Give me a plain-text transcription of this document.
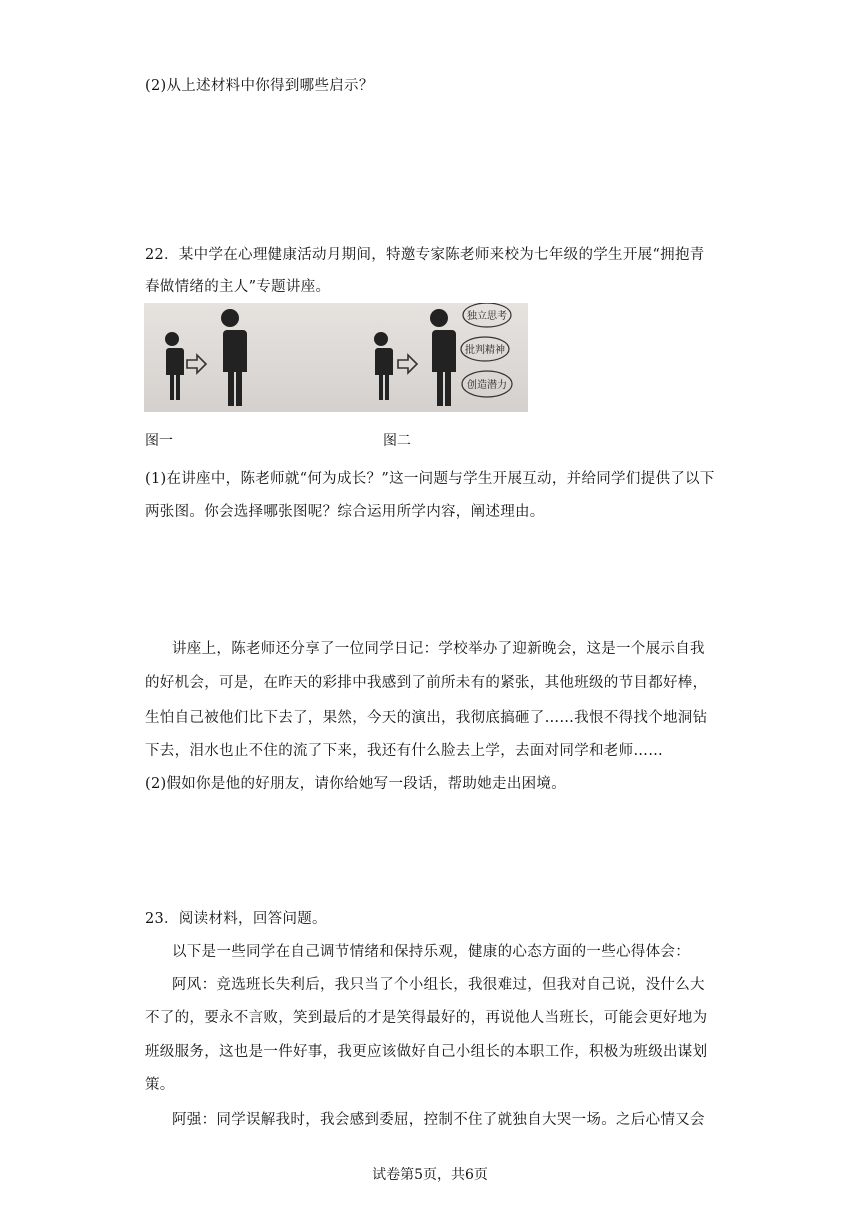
(2)从上述材料中你得到哪些启示？
22．某中学在心理健康活动月期间，特邀专家陈老师来校为七年级的学生开展“拥抱青
春做情绪的主人”专题讲座。
独立思考
批判精神
创造潜力
图一	图二
(1)在讲座中，陈老师就“何为成长？”这一问题与学生开展互动，并给同学们提供了以下
两张图。你会选择哪张图呢？综合运用所学内容，阐述理由。
讲座上，陈老师还分享了一位同学日记：学校举办了迎新晚会，这是一个展示自我
的好机会，可是，在昨天的彩排中我感到了前所未有的紧张，其他班级的节目都好棒，
生怕自己被他们比下去了，果然，今天的演出，我彻底搞砸了……我恨不得找个地洞钻
下去，泪水也止不住的流了下来，我还有什么脸去上学，去面对同学和老师……
(2)假如你是他的好朋友，请你给她写一段话，帮助她走出困境。
23．阅读材料，回答问题。
以下是一些同学在自己调节情绪和保持乐观，健康的心态方面的一些心得体会：
阿风：竞选班长失利后，我只当了个小组长，我很难过，但我对自己说，没什么大
不了的，要永不言败，笑到最后的才是笑得最好的，再说他人当班长，可能会更好地为
班级服务，这也是一件好事，我更应该做好自己小组长的本职工作，积极为班级出谋划
策。
阿强：同学误解我时，我会感到委屈，控制不住了就独自大哭一场。之后心情又会
试卷第5页，共6页
